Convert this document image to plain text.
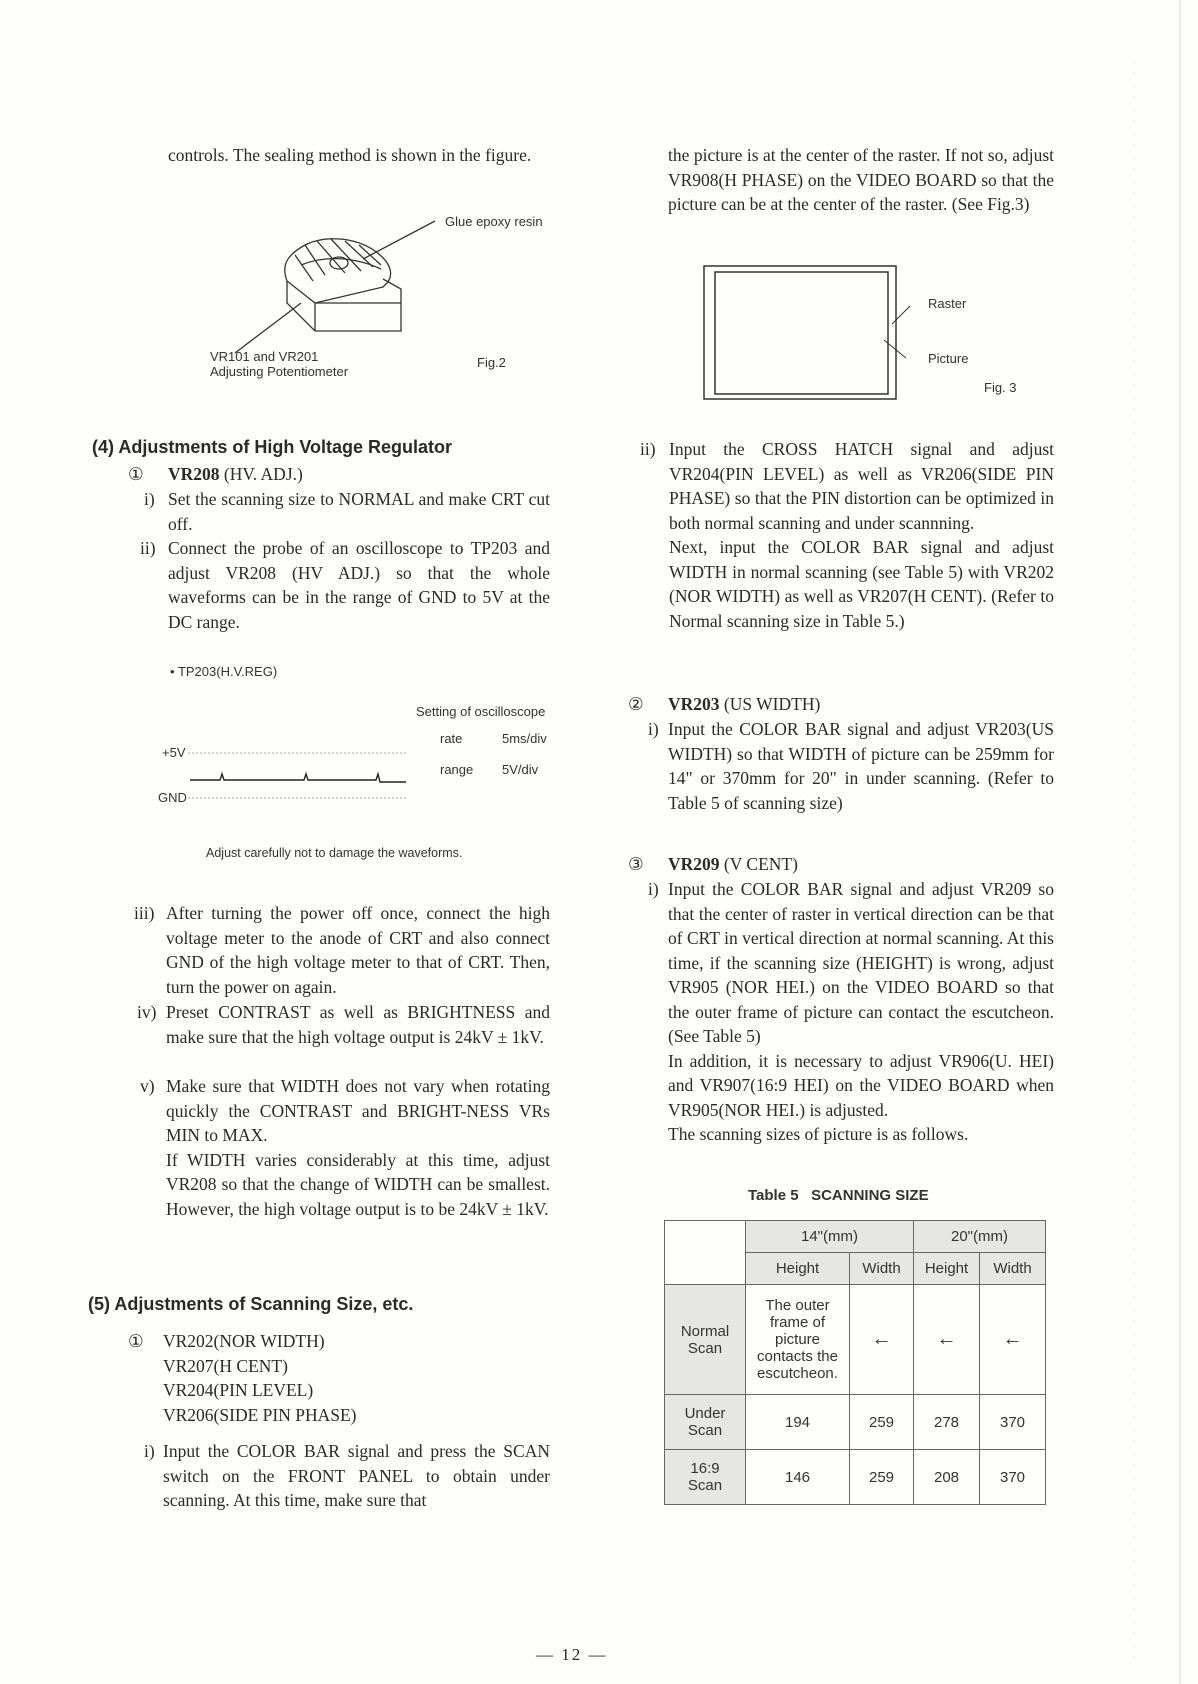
controls. The sealing method is shown in the figure.
Glue epoxy resin
VR101 and VR201
Adjusting Potentiometer
Fig.2
(4) Adjustments of High Voltage Regulator
① VR208 (HV. ADJ.)
i) Set the scanning size to NORMAL and make CRT cut off.
ii) Connect the probe of an oscilloscope to TP203 and adjust VR208 (HV ADJ.) so that the whole waveforms can be in the range of GND to 5V at the DC range.
• TP203(H.V.REG)
Setting of oscilloscope
rate	5ms/div
range 5V/div
+5V
GND
Adjust carefully not to damage the waveforms.
iii) After turning the power off once, connect the high voltage meter to the anode of CRT and also connect GND of the high voltage meter to that of CRT. Then, turn the power on again.
iv) Preset CONTRAST as well as BRIGHTNESS and make sure that the high voltage output is 24kV ± 1kV.
v) Make sure that WIDTH does not vary when rotating quickly the CONTRAST and BRIGHT-NESS VRs MIN to MAX.
If WIDTH varies considerably at this time, adjust VR208 so that the change of WIDTH can be smallest. However, the high voltage output is to be 24kV ± 1kV.
(5) Adjustments of Scanning Size, etc.
① VR202(NOR WIDTH)
VR207(H CENT)
VR204(PIN LEVEL)
VR206(SIDE PIN PHASE)
i) Input the COLOR BAR signal and press the SCAN switch on the FRONT PANEL to obtain under scanning. At this time, make sure that
the picture is at the center of the raster. If not so, adjust VR908(H PHASE) on the VIDEO BOARD so that the picture can be at the center of the raster. (See Fig.3)
Raster
Picture
Fig. 3
ii) Input the CROSS HATCH signal and adjust VR204(PIN LEVEL) as well as VR206(SIDE PIN PHASE) so that the PIN distortion can be optimized in both normal scanning and under scannning.
Next, input the COLOR BAR signal and adjust WIDTH in normal scanning (see Table 5) with VR202 (NOR WIDTH) as well as VR207(H CENT). (Refer to Normal scanning size in Table 5.)
② VR203 (US WIDTH)
i) Input the COLOR BAR signal and adjust VR203(US WIDTH) so that WIDTH of picture can be 259mm for 14" or 370mm for 20" in under scanning. (Refer to Table 5 of scanning size)
③ VR209 (V CENT)
i) Input the COLOR BAR signal and adjust VR209 so that the center of raster in vertical direction can be that of CRT in vertical direction at normal scanning. At this time, if the scanning size (HEIGHT) is wrong, adjust VR905 (NOR HEI.) on the VIDEO BOARD so that the outer frame of picture can contact the escutcheon. (See Table 5)
In addition, it is necessary to adjust VR906(U. HEI) and VR907(16:9 HEI) on the VIDEO BOARD when VR905(NOR HEI.) is adjusted.
The scanning sizes of picture is as follows.
Table 5   SCANNING SIZE
	14"(mm)		20"(mm)	
	Height	Width	Height	Width

Normal
Scan	The outer frame of picture contacts the escutcheon.	←	←	←

Under
Scan	194	259	278	370

16:9
Scan	146	259	208	370
— 12 —
